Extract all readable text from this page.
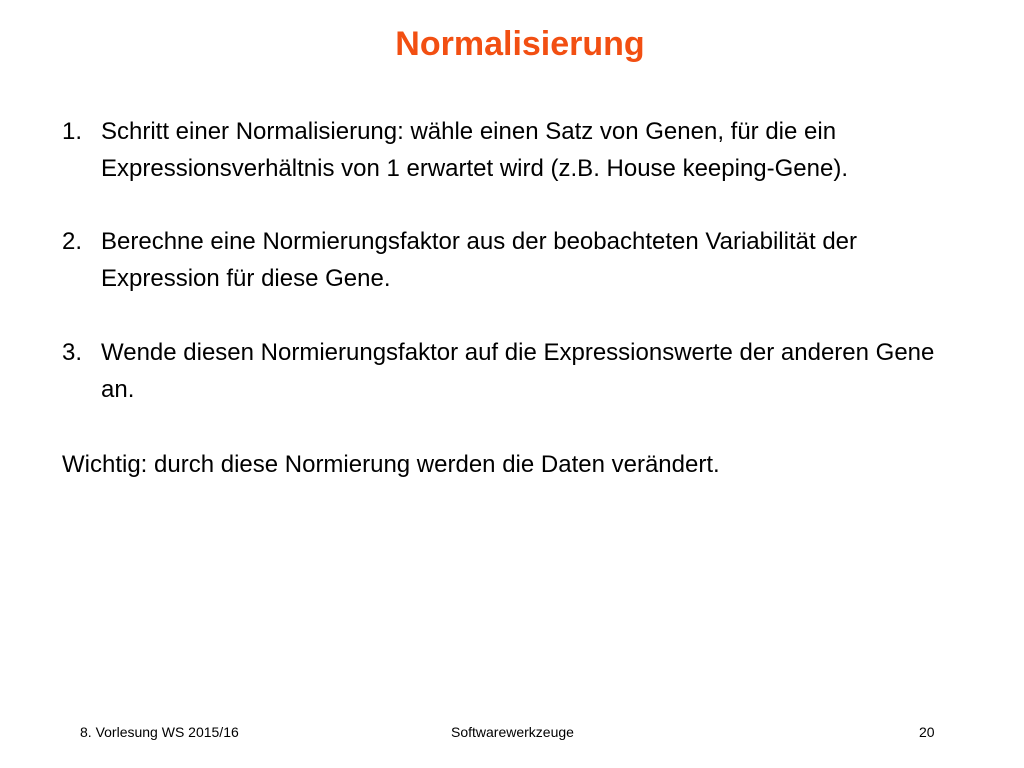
Normalisierung
1. Schritt einer Normalisierung: wähle einen Satz von Genen, für die ein Expressionsverhältnis von 1 erwartet wird (z.B. House keeping-Gene).
2. Berechne eine Normierungsfaktor aus der beobachteten Variabilität der Expression für diese Gene.
3. Wende diesen Normierungsfaktor auf die Expressionswerte der anderen Gene an.
Wichtig: durch diese Normierung werden die Daten verändert.
8. Vorlesung WS 2015/16	Softwarewerkzeuge	20
